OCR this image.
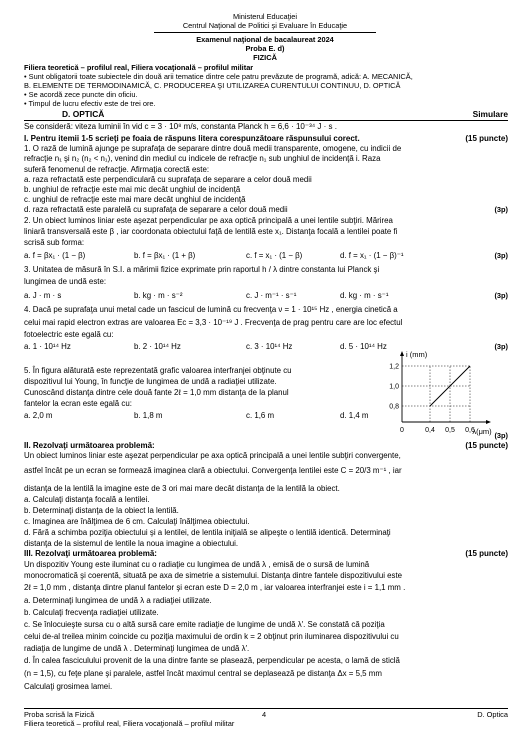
Ministerul Educaţiei
Centrul Naţional de Politici şi Evaluare în Educaţie
Examenul naţional de bacalaureat 2024
Proba E. d)
FIZICĂ
Filiera teoretică – profilul real, Filiera vocaţională – profilul militar
• Sunt obligatorii toate subiectele din două arii tematice dintre cele patru prevăzute de programă, adică: A. MECANICĂ,
B. ELEMENTE DE TERMODINAMICĂ, C. PRODUCEREA ŞI UTILIZAREA CURENTULUI CONTINUU, D. OPTICĂ
• Se acordă zece puncte din oficiu.
• Timpul de lucru efectiv este de trei ore.
D. OPTICĂ	Simulare
Se consideră: viteza luminii în vid c = 3 · 10⁸ m/s, constanta Planck h = 6,6 · 10⁻³⁴ J · s .
I. Pentru itemii 1-5 scrieţi pe foaia de răspuns litera corespunzătoare răspunsului corect.	(15 puncte)
1. O rază de lumină ajunge pe suprafaţa de separare dintre două medii transparente, omogene, cu indicii de
refracţie n₁ şi n₂ (n₂ < n₁), venind din mediul cu indicele de refracţie n₁ sub unghiul de incidenţă i. Raza
suferă fenomenul de refracţie. Afirmaţia corectă este:
a. raza refractată este perpendiculară cu suprafaţa de separare a celor două medii
b. unghiul de refracţie este mai mic decât unghiul de incidenţă
c. unghiul de refracţie este mai mare decât unghiul de incidenţă
d. raza refractată este paralelă cu suprafaţa de separare a celor două medii	(3p)
2. Un obiect luminos liniar este aşezat perpendicular pe axa optică principală a unei lentile subţiri. Mărirea
liniară transversală este β , iar coordonata obiectului faţă de lentilă este x₁. Distanţa focală a lentilei poate fi
scrisă sub forma:
a. f = βx₁ · (1 − β)	b. f = βx₁ · (1 + β)	c. f = x₁ · (1 − β)	d. f = x₁ · (1 − β)⁻¹	(3p)
3. Unitatea de măsură în S.I. a mărimii fizice exprimate prin raportul h / λ dintre constanta lui Planck şi
lungimea de undă este:
a. J · m · s	b. kg · m · s⁻²	c. J · m⁻¹ · s⁻¹	d. kg · m · s⁻¹	(3p)
4. Dacă pe suprafaţa unui metal cade un fascicul de lumină cu frecvenţa ν = 1 · 10¹⁵ Hz , energia cinetică a
celui mai rapid electron extras are valoarea Ec = 3,3 · 10⁻¹⁹ J . Frecvenţa de prag pentru care are loc efectul
fotoelectric este egală cu:
a. 1 · 10¹⁴ Hz	b. 2 · 10¹⁴ Hz	c. 3 · 10¹⁴ Hz	d. 5 · 10¹⁴ Hz	(3p)
5. În figura alăturată este reprezentată grafic valoarea interfranjei obţinute cu
dispozitivul lui Young, în funcţie de lungimea de undă a radiaţiei utilizate.
Cunoscând distanţa dintre cele două fante 2ℓ = 1,0 mm distanţa de la planul
fantelor la ecran este egală cu:
a. 2,0 m	b. 1,8 m	c. 1,6 m	d. 1,4 m
(3p)
i (mm)
λ(μm)
1,2
1,0
0,8
0	0,4 0,5 0,6
II. Rezolvaţi următoarea problemă:	(15 puncte)
Un obiect luminos liniar este aşezat perpendicular pe axa optică principală a unei lentile subţiri convergente,
astfel încât pe un ecran se formează imaginea clară a obiectului. Convergenţa lentilei este C = 20/3 m⁻¹ , iar
distanţa de la lentilă la imagine este de 3 ori mai mare decât distanţa de la lentilă la obiect.
a. Calculaţi distanţa focală a lentilei.
b. Determinaţi distanţa de la obiect la lentilă.
c. Imaginea are înălţimea de 6 cm. Calculaţi înălţimea obiectului.
d. Fără a schimba poziţia obiectului şi a lentilei, de lentila iniţială se alipeşte o lentilă identică. Determinaţi
distanţa de la sistemul de lentile la noua imagine a obiectului.
III. Rezolvaţi următoarea problemă:	(15 puncte)
Un dispozitiv Young este iluminat cu o radiaţie cu lungimea de undă λ , emisă de o sursă de lumină
monocromatică şi coerentă, situată pe axa de simetrie a sistemului. Distanţa dintre fantele dispozitivului este
2ℓ = 1,0 mm , distanţa dintre planul fantelor şi ecran este D = 2,0 m , iar valoarea interfranjei este i = 1,1 mm .
a. Determinaţi lungimea de undă λ a radiaţiei utilizate.
b. Calculaţi frecvenţa radiaţiei utilizate.
c. Se înlocuieşte sursa cu o altă sursă care emite radiaţie de lungime de undă λ′. Se constată că poziţia
celui de-al treilea minim coincide cu poziţia maximului de ordin k = 2 obţinut prin iluminarea dispozitivului cu
radiaţia de lungime de undă λ . Determinaţi lungimea de undă λ′.
d. În calea fasciculului provenit de la una dintre fante se plasează, perpendicular pe acesta, o lamă de sticlă
(n = 1,5), cu feţe plane şi paralele, astfel încât maximul central se deplasează pe distanţa Δx = 5,5 mm
Calculaţi grosimea lamei.
Proba scrisă la Fizică
Filiera teoretică – profilul real, Filiera vocaţională – profilul militar
4	D. Optica
